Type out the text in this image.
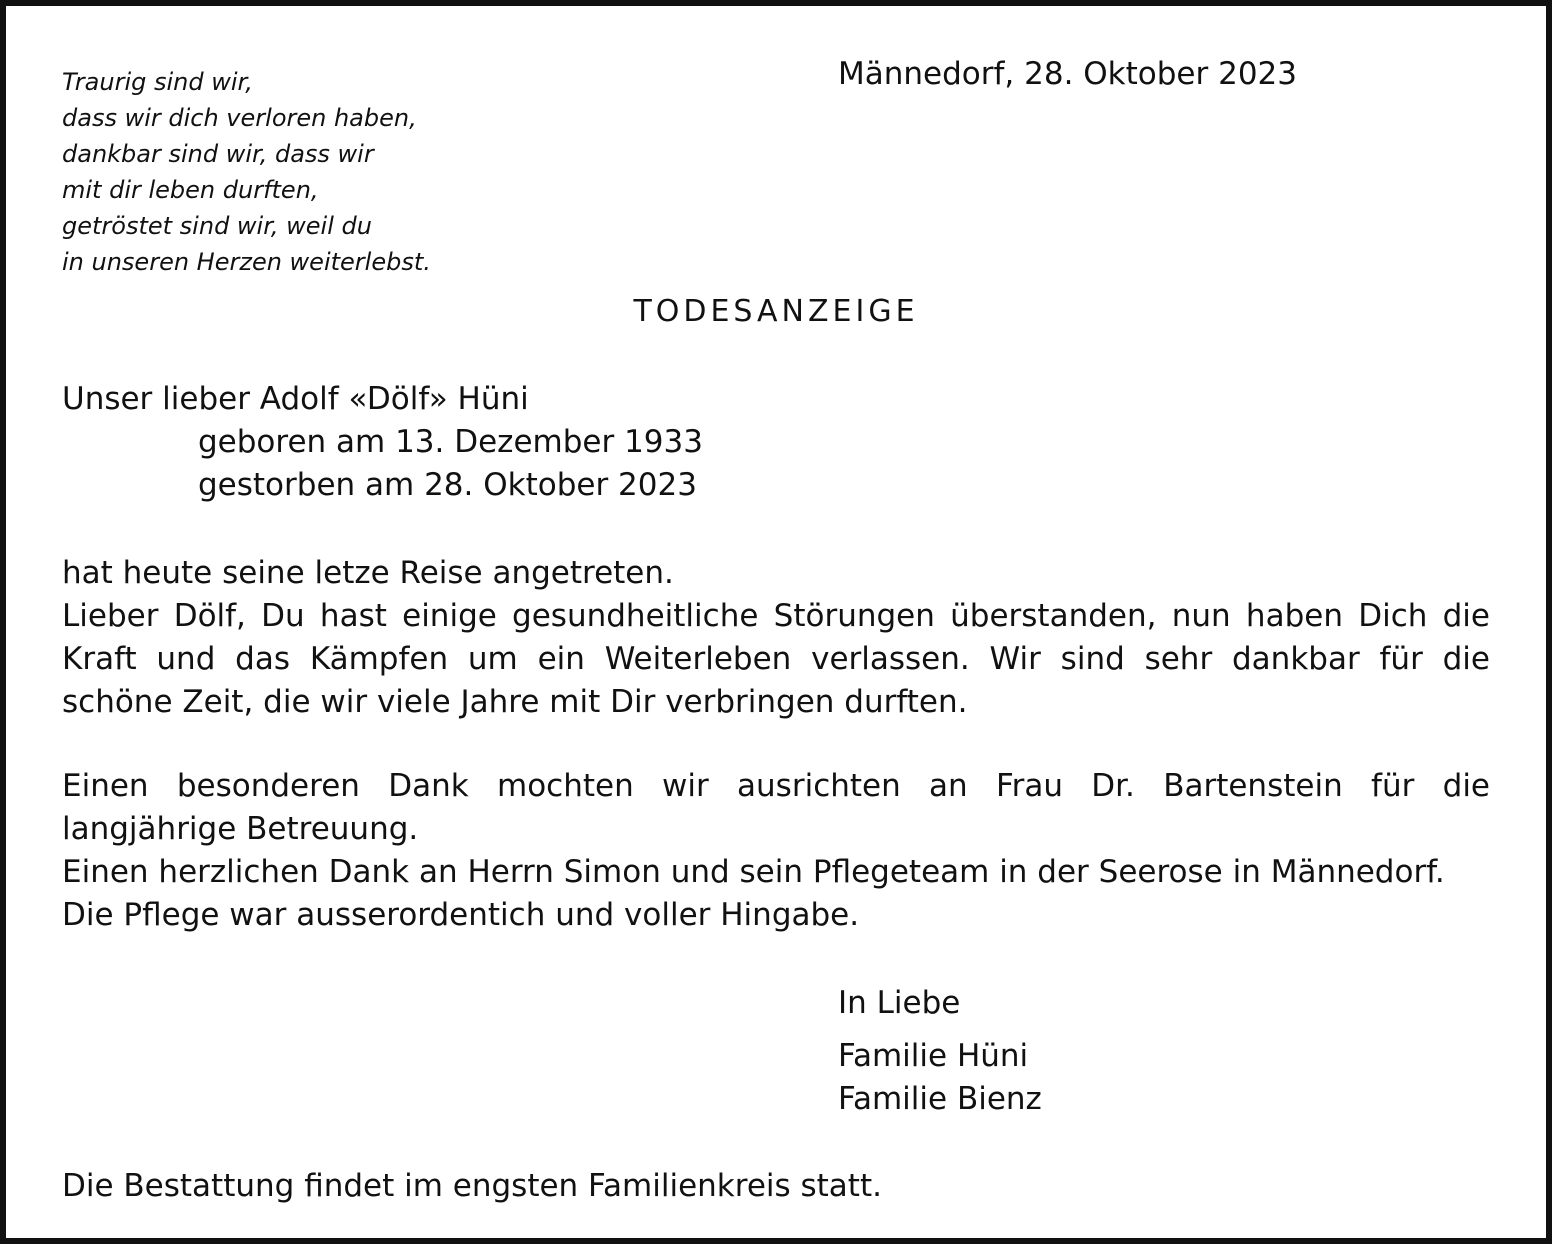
Traurig sind wir,
dass wir dich verloren haben,
dankbar sind wir, dass wir
mit dir leben durften,
getröstet sind wir, weil du
in unseren Herzen weiterlebst.
Männedorf, 28. Oktober 2023
TODESANZEIGE
Unser lieber Adolf «Dölf» Hüni
geboren am 13. Dezember 1933
gestorben am 28. Oktober 2023
hat heute seine letze Reise angetreten.
Lieber Dölf, Du hast einige gesundheitliche Störungen überstanden, nun haben Dich die
Kraft und das Kämpfen um ein Weiterleben verlassen. Wir sind sehr dankbar für die
schöne Zeit, die wir viele Jahre mit Dir verbringen durften.
Einen besonderen Dank mochten wir ausrichten an Frau Dr. Bartenstein für die
langjährige Betreuung.
Einen herzlichen Dank an Herrn Simon und sein Pflegeteam in der Seerose in Männedorf.
Die Pflege war ausserordentich und voller Hingabe.
In Liebe
Familie Hüni
Familie Bienz
Die Bestattung findet im engsten Familienkreis statt.
